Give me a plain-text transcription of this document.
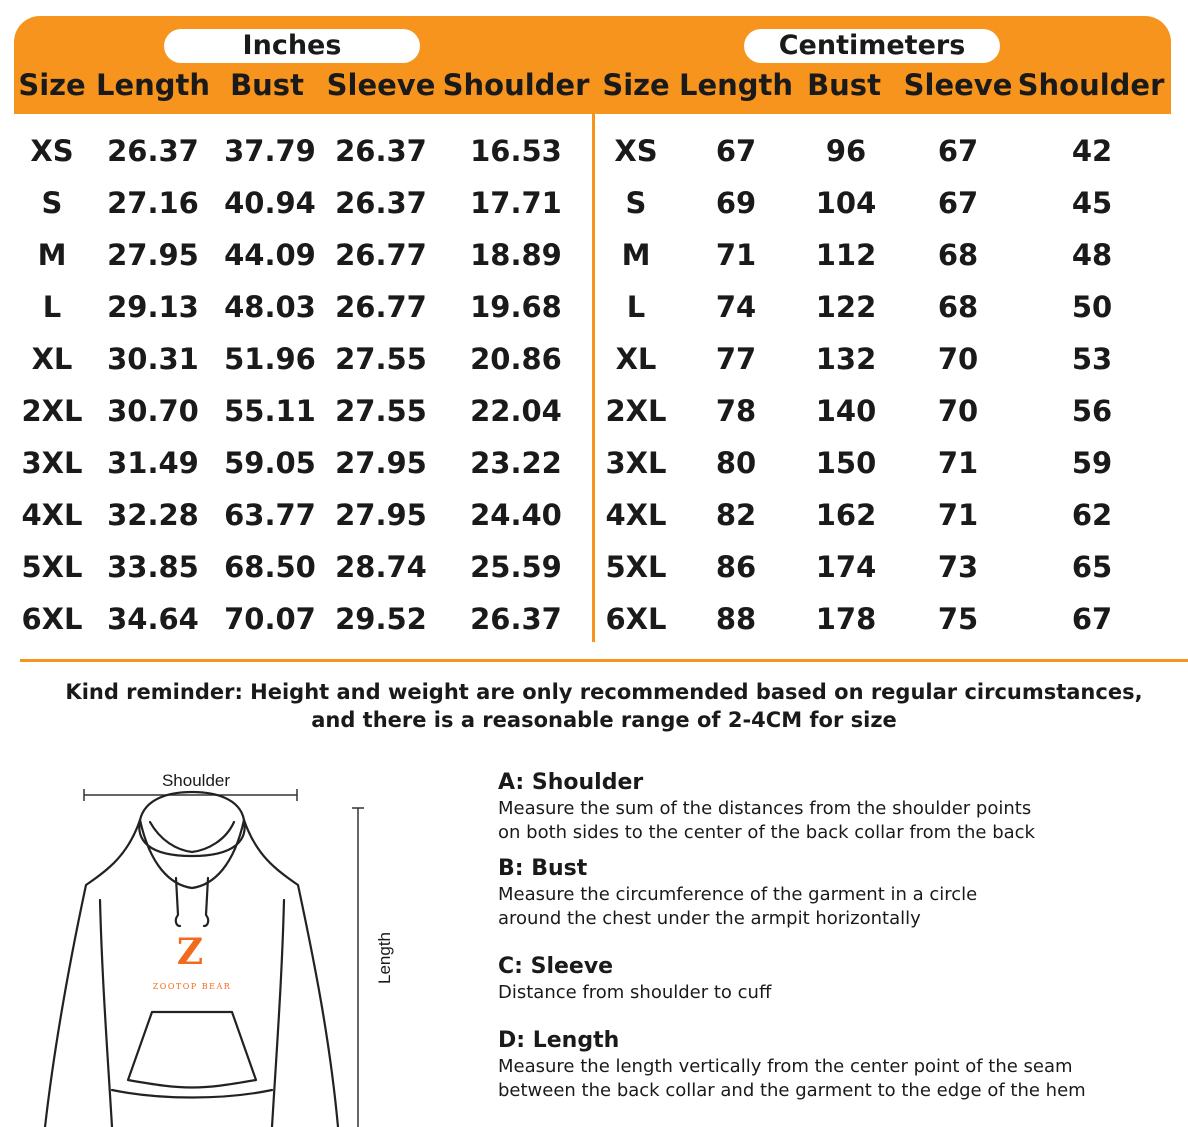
Inches	Centimeters
Size Length Bust Sleeve Shoulder Size Length Bust Sleeve Shoulder
XS 26.37 37.79 26.37 16.53 XS 67 96 67	42
S 27.16 40.94 26.37 17.71 S 69 104 67	45
M 27.95 44.09 26.77 18.89 M 71 112 68	48
L 29.13 48.03 26.77 19.68 L 74 122 68	50
XL 30.31 51.96 27.55 20.86 XL 77 132 70	53
2XL 30.70 55.11 27.55 22.04 2XL 78 140 70	56
3XL 31.49 59.05 27.95 23.22 3XL 80 150 71	59
4XL 32.28 63.77 27.95 24.40 4XL 82 162 71	62
5XL 33.85 68.50 28.74 25.59 5XL 86 174 73	65
6XL 34.64 70.07 29.52 26.37 6XL 88 178 75	67
Kind reminder: Height and weight are only recommended based on regular circumstances,
and there is a reasonable range of 2-4CM for size
Shoulder
Length
Z
ZOOTOP BEAR
A: Shoulder
Measure the sum of the distances from the shoulder points
on both sides to the center of the back collar from the back
B: Bust
Measure the circumference of the garment in a circle
around the chest under the armpit horizontally
C: Sleeve
Distance from shoulder to cuff
D: Length
Measure the length vertically from the center point of the seam
between the back collar and the garment to the edge of the hem
